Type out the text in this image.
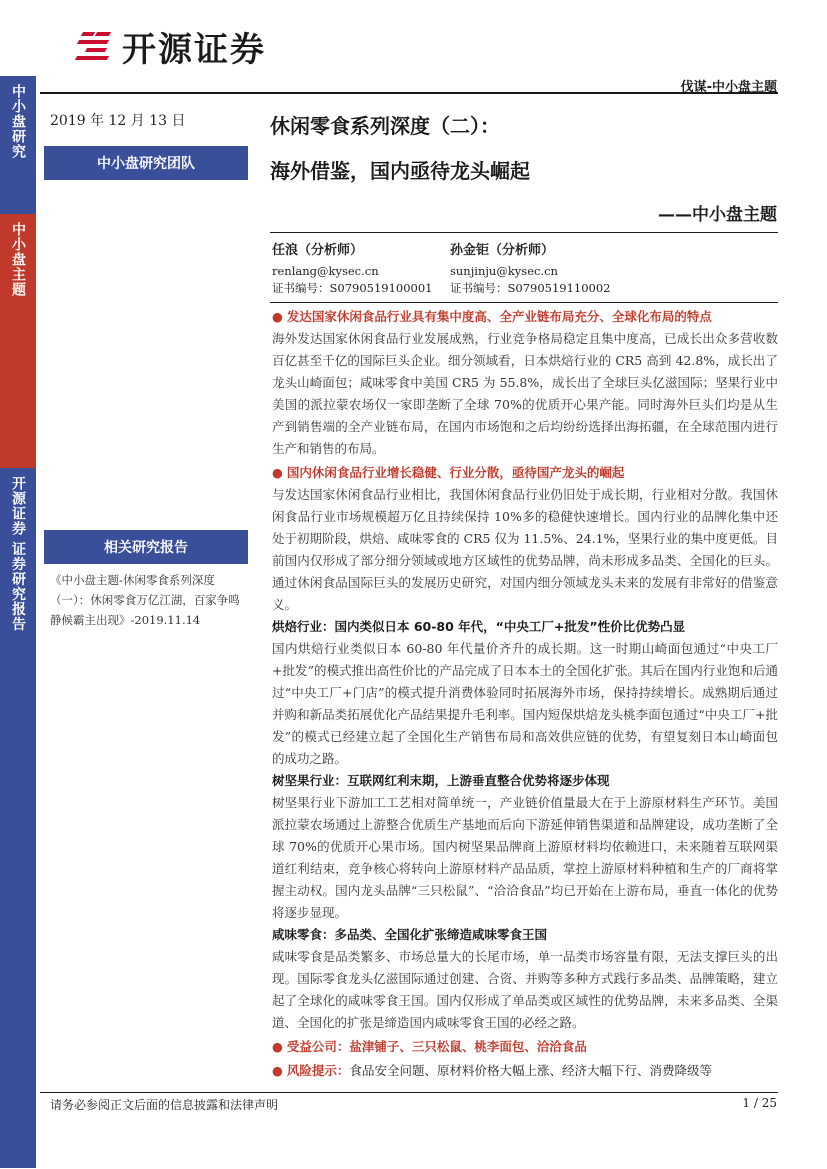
开源证券
伐谋-中小盘主题
中小盘研究
中小盘主题
开源证券 证券研究报告
2019 年 12 月 13 日
中小盘研究团队
相关研究报告
《中小盘主题-休闲零食系列深度（一）：休闲零食万亿江湖，百家争鸣静候霸主出现》-2019.11.14
休闲零食系列深度（二）：
海外借鉴，国内亟待龙头崛起
——中小盘主题
任浪（分析师）
renlang@kysec.cn
证书编号：S0790519100001
孙金钜（分析师）
sunjinju@kysec.cn
证书编号：S0790519110002
● 发达国家休闲食品行业具有集中度高、全产业链布局充分、全球化布局的特点

海外发达国家休闲食品行业发展成熟，行业竞争格局稳定且集中度高，已成长出众多营收数百亿甚至千亿的国际巨头企业。细分领域看，日本烘焙行业的 CR5 高到 42.8%，成长出了龙头山崎面包；咸味零食中美国 CR5 为 55.8%，成长出了全球巨头亿滋国际；坚果行业中美国的派拉蒙农场仅一家即垄断了全球 70%的优质开心果产能。同时海外巨头们均是从生产到销售端的全产业链布局，在国内市场饱和之后均纷纷选择出海拓疆，在全球范围内进行生产和销售的布局。

● 国内休闲食品行业增长稳健、行业分散，亟待国产龙头的崛起

与发达国家休闲食品行业相比，我国休闲食品行业仍旧处于成长期，行业相对分散。我国休闲食品行业市场规模超万亿且持续保持 10%多的稳健快速增长。国内行业的品牌化集中还处于初期阶段，烘焙、咸味零食的 CR5 仅为 11.5%、24.1%，坚果行业的集中度更低。目前国内仅形成了部分细分领域或地方区域性的优势品牌，尚未形成多品类、全国化的巨头。通过休闲食品国际巨头的发展历史研究，对国内细分领域龙头未来的发展有非常好的借鉴意义。

烘焙行业：国内类似日本 60-80 年代，“中央工厂+批发”性价比优势凸显

国内烘焙行业类似日本 60-80 年代量价齐升的成长期。这一时期山崎面包通过“中央工厂+批发”的模式推出高性价比的产品完成了日本本土的全国化扩张。其后在国内行业饱和后通过“中央工厂+门店”的模式提升消费体验同时拓展海外市场，保持持续增长。成熟期后通过并购和新品类拓展优化产品结果提升毛利率。国内短保烘焙龙头桃李面包通过“中央工厂+批发”的模式已经建立起了全国化生产销售布局和高效供应链的优势，有望复刻日本山崎面包的成功之路。

树坚果行业：互联网红利末期，上游垂直整合优势将逐步体现

树坚果行业下游加工工艺相对简单统一，产业链价值量最大在于上游原材料生产环节。美国派拉蒙农场通过上游整合优质生产基地而后向下游延伸销售渠道和品牌建设，成功垄断了全球 70%的优质开心果市场。国内树坚果品牌商上游原材料均依赖进口，未来随着互联网渠道红利结束，竞争核心将转向上游原材料产品品质，掌控上游原材料种植和生产的厂商将掌握主动权。国内龙头品牌“三只松鼠”、“洽洽食品”均已开始在上游布局，垂直一体化的优势将逐步显现。

咸味零食：多品类、全国化扩张缔造咸味零食王国

咸味零食是品类繁多、市场总量大的长尾市场，单一品类市场容量有限，无法支撑巨头的出现。国际零食龙头亿滋国际通过创建、合资、并购等多种方式践行多品类、品牌策略，建立起了全球化的咸味零食王国。国内仅形成了单品类或区域性的优势品牌，未来多品类、全渠道、全国化的扩张是缔造国内咸味零食王国的必经之路。

● 受益公司：盐津铺子、三只松鼠、桃李面包、洽洽食品
● 风险提示：食品安全问题、原材料价格大幅上涨、经济大幅下行、消费降级等
请务必参阅正文后面的信息披露和法律声明	1 / 25
